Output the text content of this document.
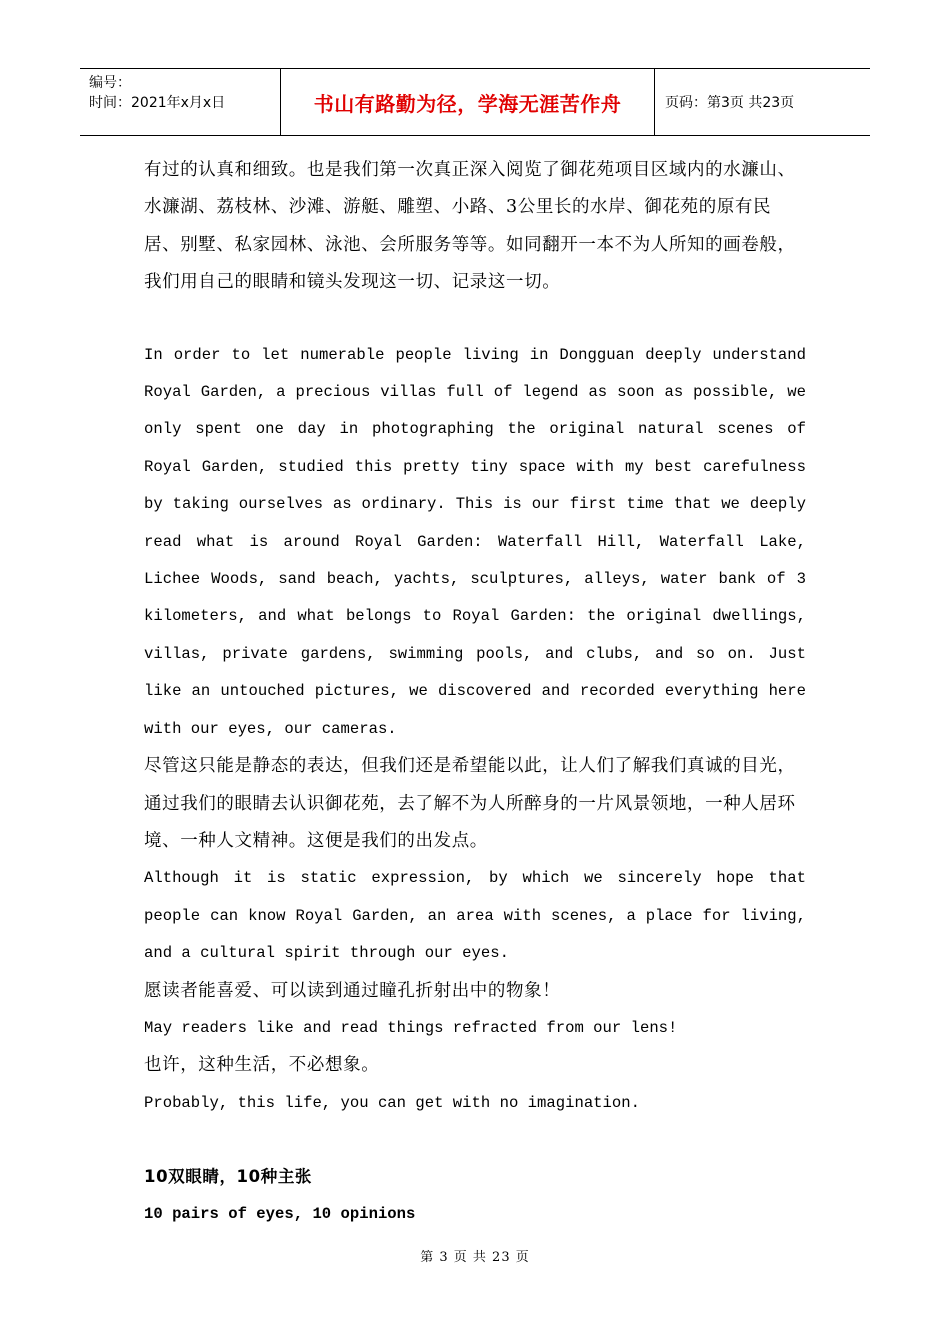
编号：
时间：2021年x月x日	书山有路勤为径，学海无涯苦作舟	页码：第3页 共23页

有过的认真和细致。也是我们第一次真正深入阅览了御花苑项目区域内的水濂山、水濂湖、荔枝林、沙滩、游艇、雕塑、小路、3公里长的水岸、御花苑的原有民居、别墅、私家园林、泳池、会所服务等等。如同翻开一本不为人所知的画卷般，我们用自己的眼睛和镜头发现这一切、记录这一切。

In order to let numerable people living in Dongguan deeply understand Royal Garden, a precious villas full of legend as soon as possible, we only spent one day in photographing the original natural scenes of Royal Garden, studied this pretty tiny space with my best carefulness by taking ourselves as ordinary. This is our first time that we deeply read what is around Royal Garden: Waterfall Hill, Waterfall Lake, Lichee Woods, sand beach, yachts, sculptures, alleys, water bank of 3 kilometers, and what belongs to Royal Garden: the original dwellings, villas, private gardens, swimming pools, and clubs, and so on. Just like an untouched pictures, we discovered and recorded everything here with our eyes, our cameras.

尽管这只能是静态的表达，但我们还是希望能以此，让人们了解我们真诚的目光，通过我们的眼睛去认识御花苑，去了解不为人所醉身的一片风景领地，一种人居环境、一种人文精神。这便是我们的出发点。

Although it is static expression, by which we sincerely hope that people can know Royal Garden, an area with scenes, a place for living, and a cultural spirit through our eyes.

愿读者能喜爱、可以读到通过瞳孔折射出中的物象！

May readers like and read things refracted from our lens!

也许，这种生活，不必想象。

Probably, this life, you can get with no imagination.

10双眼睛，10种主张

10 pairs of eyes, 10 opinions

第 3 页 共 23 页
